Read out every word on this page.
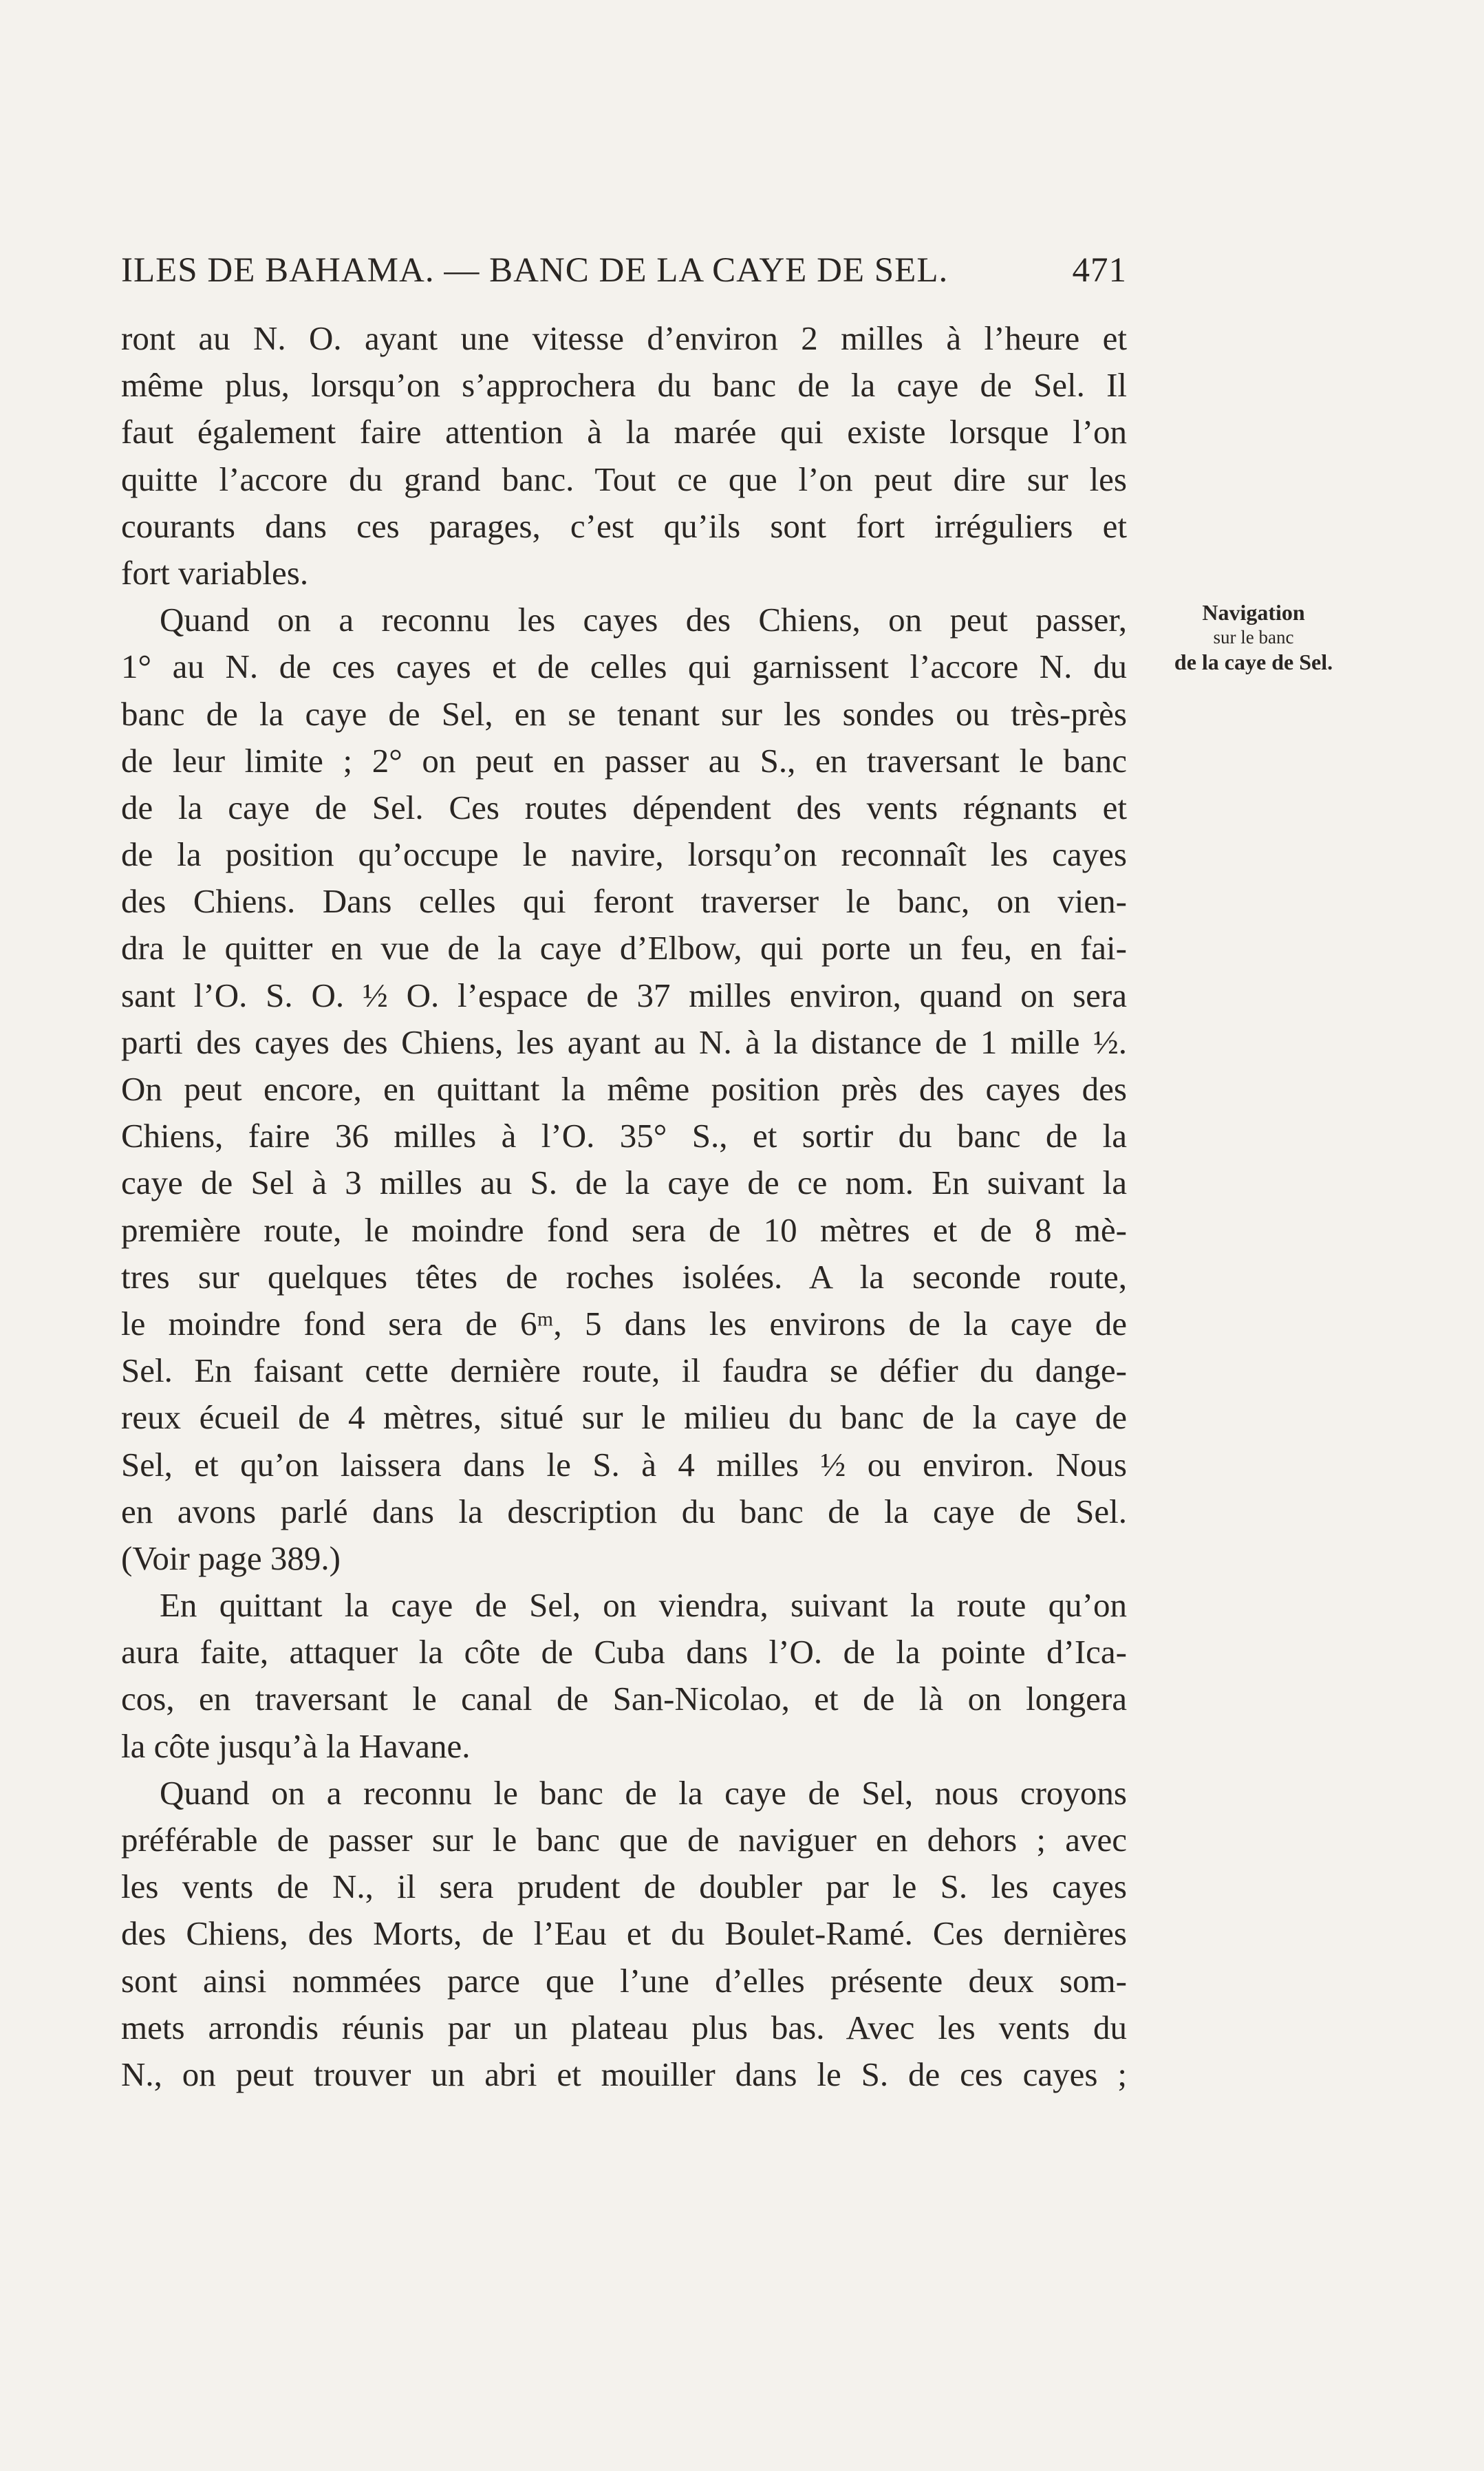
ILES DE BAHAMA. — BANC DE LA CAYE DE SEL.	471
Navigation
sur le banc
de la caye de Sel.
ront au N. O. ayant une vitesse d’environ 2 milles à l’heure et
même plus, lorsqu’on s’approchera du banc de la caye de Sel. Il
faut également faire attention à la marée qui existe lorsque l’on
quitte l’accore du grand banc. Tout ce que l’on peut dire sur les
courants dans ces parages, c’est qu’ils sont fort irréguliers et
fort variables.
Quand on a reconnu les cayes des Chiens, on peut passer,
1° au N. de ces cayes et de celles qui garnissent l’accore N. du
banc de la caye de Sel, en se tenant sur les sondes ou très-près
de leur limite ; 2° on peut en passer au S., en traversant le banc
de la caye de Sel. Ces routes dépendent des vents régnants et
de la position qu’occupe le navire, lorsqu’on reconnaît les cayes
des Chiens. Dans celles qui feront traverser le banc, on vien-
dra le quitter en vue de la caye d’Elbow, qui porte un feu, en fai-
sant l’O. S. O. ½ O. l’espace de 37 milles environ, quand on sera
parti des cayes des Chiens, les ayant au N. à la distance de 1 mille ½.
On peut encore, en quittant la même position près des cayes des
Chiens, faire 36 milles à l’O. 35° S., et sortir du banc de la
caye de Sel à 3 milles au S. de la caye de ce nom. En suivant la
première route, le moindre fond sera de 10 mètres et de 8 mè-
tres sur quelques têtes de roches isolées. A la seconde route,
le moindre fond sera de 6ᵐ, 5 dans les environs de la caye de
Sel. En faisant cette dernière route, il faudra se défier du dange-
reux écueil de 4 mètres, situé sur le milieu du banc de la caye de
Sel, et qu’on laissera dans le S. à 4 milles ½ ou environ. Nous
en avons parlé dans la description du banc de la caye de Sel.
(Voir page 389.)
En quittant la caye de Sel, on viendra, suivant la route qu’on
aura faite, attaquer la côte de Cuba dans l’O. de la pointe d’Ica-
cos, en traversant le canal de San-Nicolao, et de là on longera
la côte jusqu’à la Havane.
Quand on a reconnu le banc de la caye de Sel, nous croyons
préférable de passer sur le banc que de naviguer en dehors ; avec
les vents de N., il sera prudent de doubler par le S. les cayes
des Chiens, des Morts, de l’Eau et du Boulet-Ramé. Ces dernières
sont ainsi nommées parce que l’une d’elles présente deux som-
mets arrondis réunis par un plateau plus bas. Avec les vents du
N., on peut trouver un abri et mouiller dans le S. de ces cayes ;
